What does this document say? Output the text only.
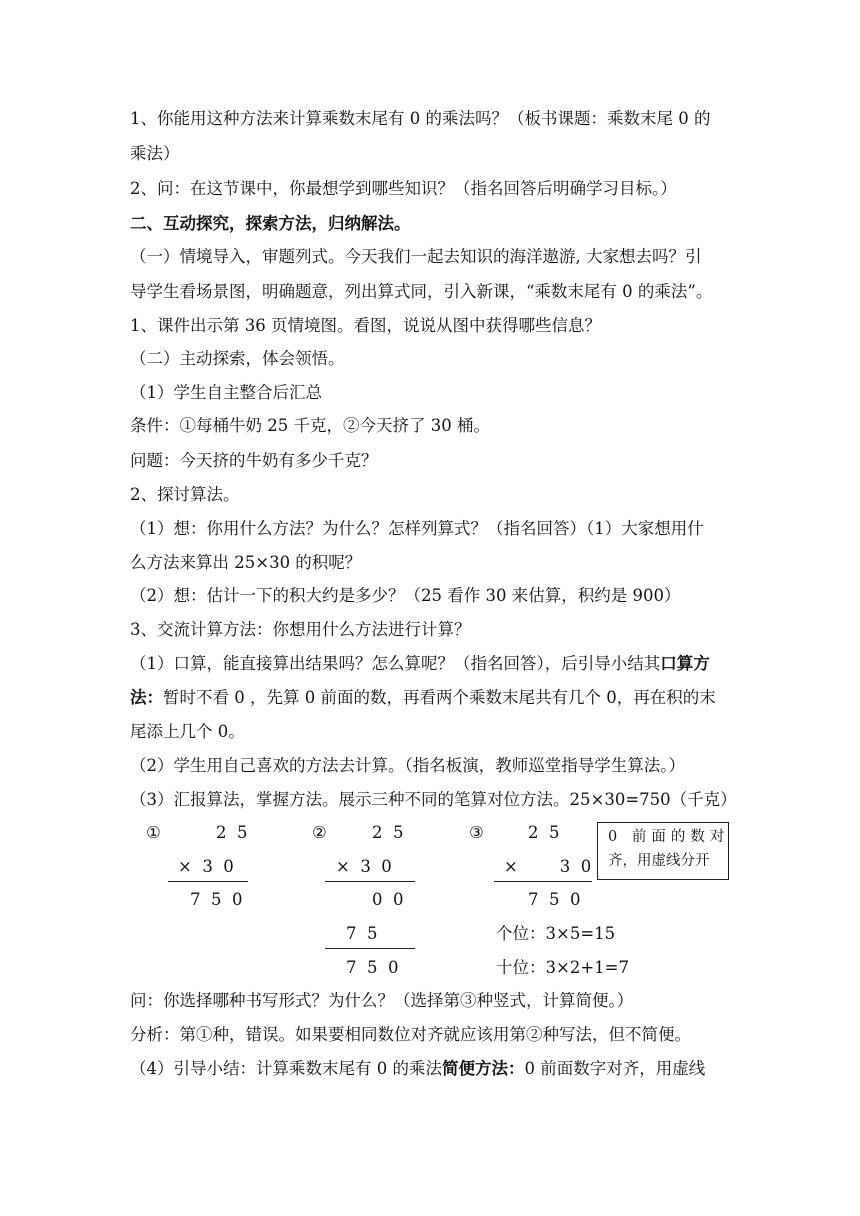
1、你能用这种方法来计算乘数末尾有 0 的乘法吗？（板书课题：乘数末尾 0 的
乘法）
2、问：在这节课中，你最想学到哪些知识？（指名回答后明确学习目标。）
二、互动探究，探索方法，归纳解法。
（一）情境导入，审题列式。今天我们一起去知识的海洋遨游, 大家想去吗？引
导学生看场景图，明确题意，列出算式同，引入新课，“乘数末尾有 0 的乘法”。
1、课件出示第 36 页情境图。看图，说说从图中获得哪些信息？
（二）主动探索，体会领悟。
（1）学生自主整合后汇总
条件：①每桶牛奶 25 千克，②今天挤了 30 桶。
问题：今天挤的牛奶有多少千克？
2、探讨算法。
（1）想：你用什么方法？为什么？怎样列算式？（指名回答）（1）大家想用什
么方法来算出 25×30 的积呢？
（2）想：估计一下的积大约是多少？（25 看作 30 来估算，积约是 900）
3、交流计算方法：你想用什么方法进行计算？
（1）口算，能直接算出结果吗？怎么算呢？（指名回答），后引导小结其口算方
法：暂时不看 0 ，先算 0 前面的数，再看两个乘数末尾共有几个 0，再在积的末
尾添上几个 0。
（2）学生用自己喜欢的方法去计算。（指名板演，教师巡堂指导学生算法。）
（3）汇报算法，掌握方法。展示三种不同的笔算对位方法。25×30=750（千克）
①	2  5
×  3  0
7  5  0
②	2  5
×  3  0
0  0
7  5
7  5  0
③	2  5
×        3  0
7  5  0
个位：3×5=15
十位：3×2+1=7
0 前面的数对
齐，用虚线分开
问：你选择哪种书写形式？为什么？（选择第③种竖式，计算简便。）
分析：第①种，错误。如果要相同数位对齐就应该用第②种写法，但不简便。
（4）引导小结：计算乘数末尾有 0 的乘法简便方法：0 前面数字对齐，用虚线
